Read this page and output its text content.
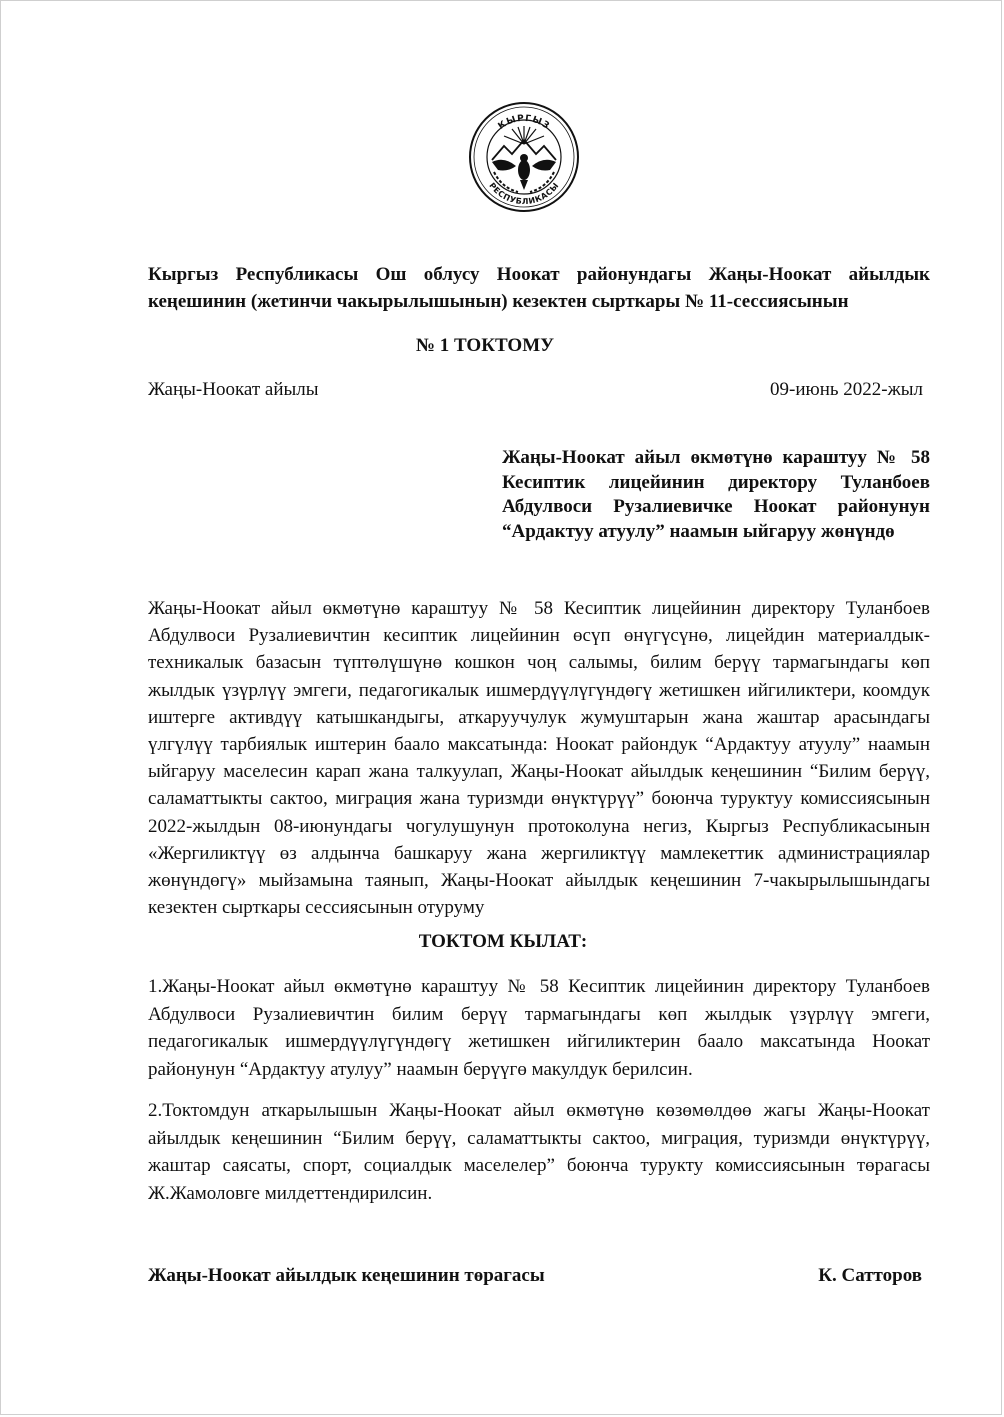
КЫРГЫЗ
РЕСПУБЛИКАСЫ

Кыргыз Республикасы Ош облусу Ноокат районундагы Жаңы-Ноокат айылдык кеңешинин (жетинчи чакырылышынын) кезектен сырткары № 11-сессиясынын

№ 1 ТОКТОМУ

Жаңы-Ноокат айылы	09-июнь 2022-жыл

Жаңы-Ноокат айыл өкмөтүнө караштуу № 58 Кесиптик лицейинин директору Туланбоев Абдулвоси Рузалиевичке Ноокат районунун “Ардактуу атуулу” наамын ыйгаруу жөнүндө

Жаңы-Ноокат айыл өкмөтүнө караштуу № 58 Кесиптик лицейинин директору Туланбоев Абдулвоси Рузалиевичтин кесиптик лицейинин өсүп өнүгүсүнө, лицейдин материалдык-техникалык базасын түптөлүшүнө кошкон чоң салымы, билим берүү тармагындагы көп жылдык үзүрлүү эмгеги, педагогикалык ишмердүүлүгүндөгү жетишкен ийгиликтери, коомдук иштерге активдүү катышкандыгы, аткаруучулук жумуштарын жана жаштар арасындагы үлгүлүү тарбиялык иштерин баало максатында: Ноокат райондук “Ардактуу атуулу” наамын ыйгаруу маселесин карап жана талкуулап, Жаңы-Ноокат айылдык кеңешинин “Билим берүү, саламаттыкты сактоо, миграция жана туризмди өнүктүрүү” боюнча туруктуу комиссиясынын 2022-жылдын 08-июнундагы чогулушунун протоколуна негиз, Кыргыз Республикасынын «Жергиликтүү өз алдынча башкаруу жана жергиликтүү мамлекеттик администрациялар жөнүндөгү» мыйзамына таянып, Жаңы-Ноокат айылдык кеңешинин 7-чакырылышындагы кезектен сырткары сессиясынын отуруму

ТОКТОМ КЫЛАТ:

1.Жаңы-Ноокат айыл өкмөтүнө караштуу № 58 Кесиптик лицейинин директору Туланбоев Абдулвоси Рузалиевичтин билим берүү тармагындагы көп жылдык үзүрлүү эмгеги, педагогикалык ишмердүүлүгүндөгү жетишкен ийгиликтерин баало максатында Ноокат районунун “Ардактуу атулуу” наамын берүүгө макулдук берилсин.

2.Токтомдун аткарылышын Жаңы-Ноокат айыл өкмөтүнө көзөмөлдөө жагы Жаңы-Ноокат айылдык кеңешинин “Билим берүү, саламаттыкты сактоо, миграция, туризмди өнүктүрүү, жаштар саясаты, спорт, социалдык маселелер” боюнча турукту комиссиясынын төрагасы Ж.Жамоловге милдеттендирилсин.

Жаңы-Ноокат айылдык кеңешинин төрагасы	К. Сатторов
